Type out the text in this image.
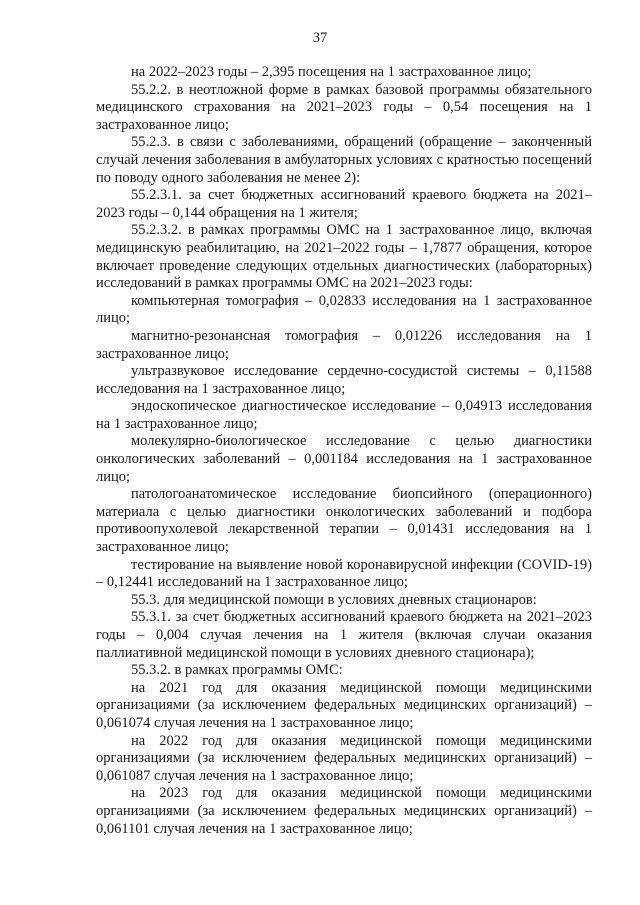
37

на 2022–2023 годы – 2,395 посещения на 1 застрахованное лицо;

55.2.2. в неотложной форме в рамках базовой программы обязательного медицинского страхования на 2021–2023 годы – 0,54 посещения на 1 застрахованное лицо;

55.2.3. в связи с заболеваниями, обращений (обращение – законченный случай лечения заболевания в амбулаторных условиях с кратностью посещений по поводу одного заболевания не менее 2):

55.2.3.1. за счет бюджетных ассигнований краевого бюджета на 2021–2023 годы – 0,144 обращения на 1 жителя;

55.2.3.2. в рамках программы ОМС на 1 застрахованное лицо, включая медицинскую реабилитацию, на 2021–2022 годы – 1,7877 обращения, которое включает проведение следующих отдельных диагностических (лабораторных) исследований в рамках программы ОМС на 2021–2023 годы:

компьютерная томография – 0,02833 исследования на 1 застрахованное лицо;

магнитно-резонансная томография – 0,01226 исследования на 1 застрахованное лицо;

ультразвуковое исследование сердечно-сосудистой системы – 0,11588 исследования на 1 застрахованное лицо;

эндоскопическое диагностическое исследование – 0,04913 исследования на 1 застрахованное лицо;

молекулярно-биологическое исследование с целью диагностики онкологических заболеваний – 0,001184 исследования на 1 застрахованное лицо;

патологоанатомическое исследование биопсийного (операционного) материала с целью диагностики онкологических заболеваний и подбора противоопухолевой лекарственной терапии – 0,01431 исследования на 1 застрахованное лицо;

тестирование на выявление новой коронавирусной инфекции (COVID-19) – 0,12441 исследований на 1 застрахованное лицо;

55.3. для медицинской помощи в условиях дневных стационаров:

55.3.1. за счет бюджетных ассигнований краевого бюджета на 2021–2023 годы – 0,004 случая лечения на 1 жителя (включая случаи оказания паллиативной медицинской помощи в условиях дневного стационара);

55.3.2. в рамках программы ОМС:

на 2021 год для оказания медицинской помощи медицинскими организациями (за исключением федеральных медицинских организаций) – 0,061074 случая лечения на 1 застрахованное лицо;

на 2022 год для оказания медицинской помощи медицинскими организациями (за исключением федеральных медицинских организаций) – 0,061087 случая лечения на 1 застрахованное лицо;

на 2023 год для оказания медицинской помощи медицинскими организациями (за исключением федеральных медицинских организаций) – 0,061101 случая лечения на 1 застрахованное лицо;
